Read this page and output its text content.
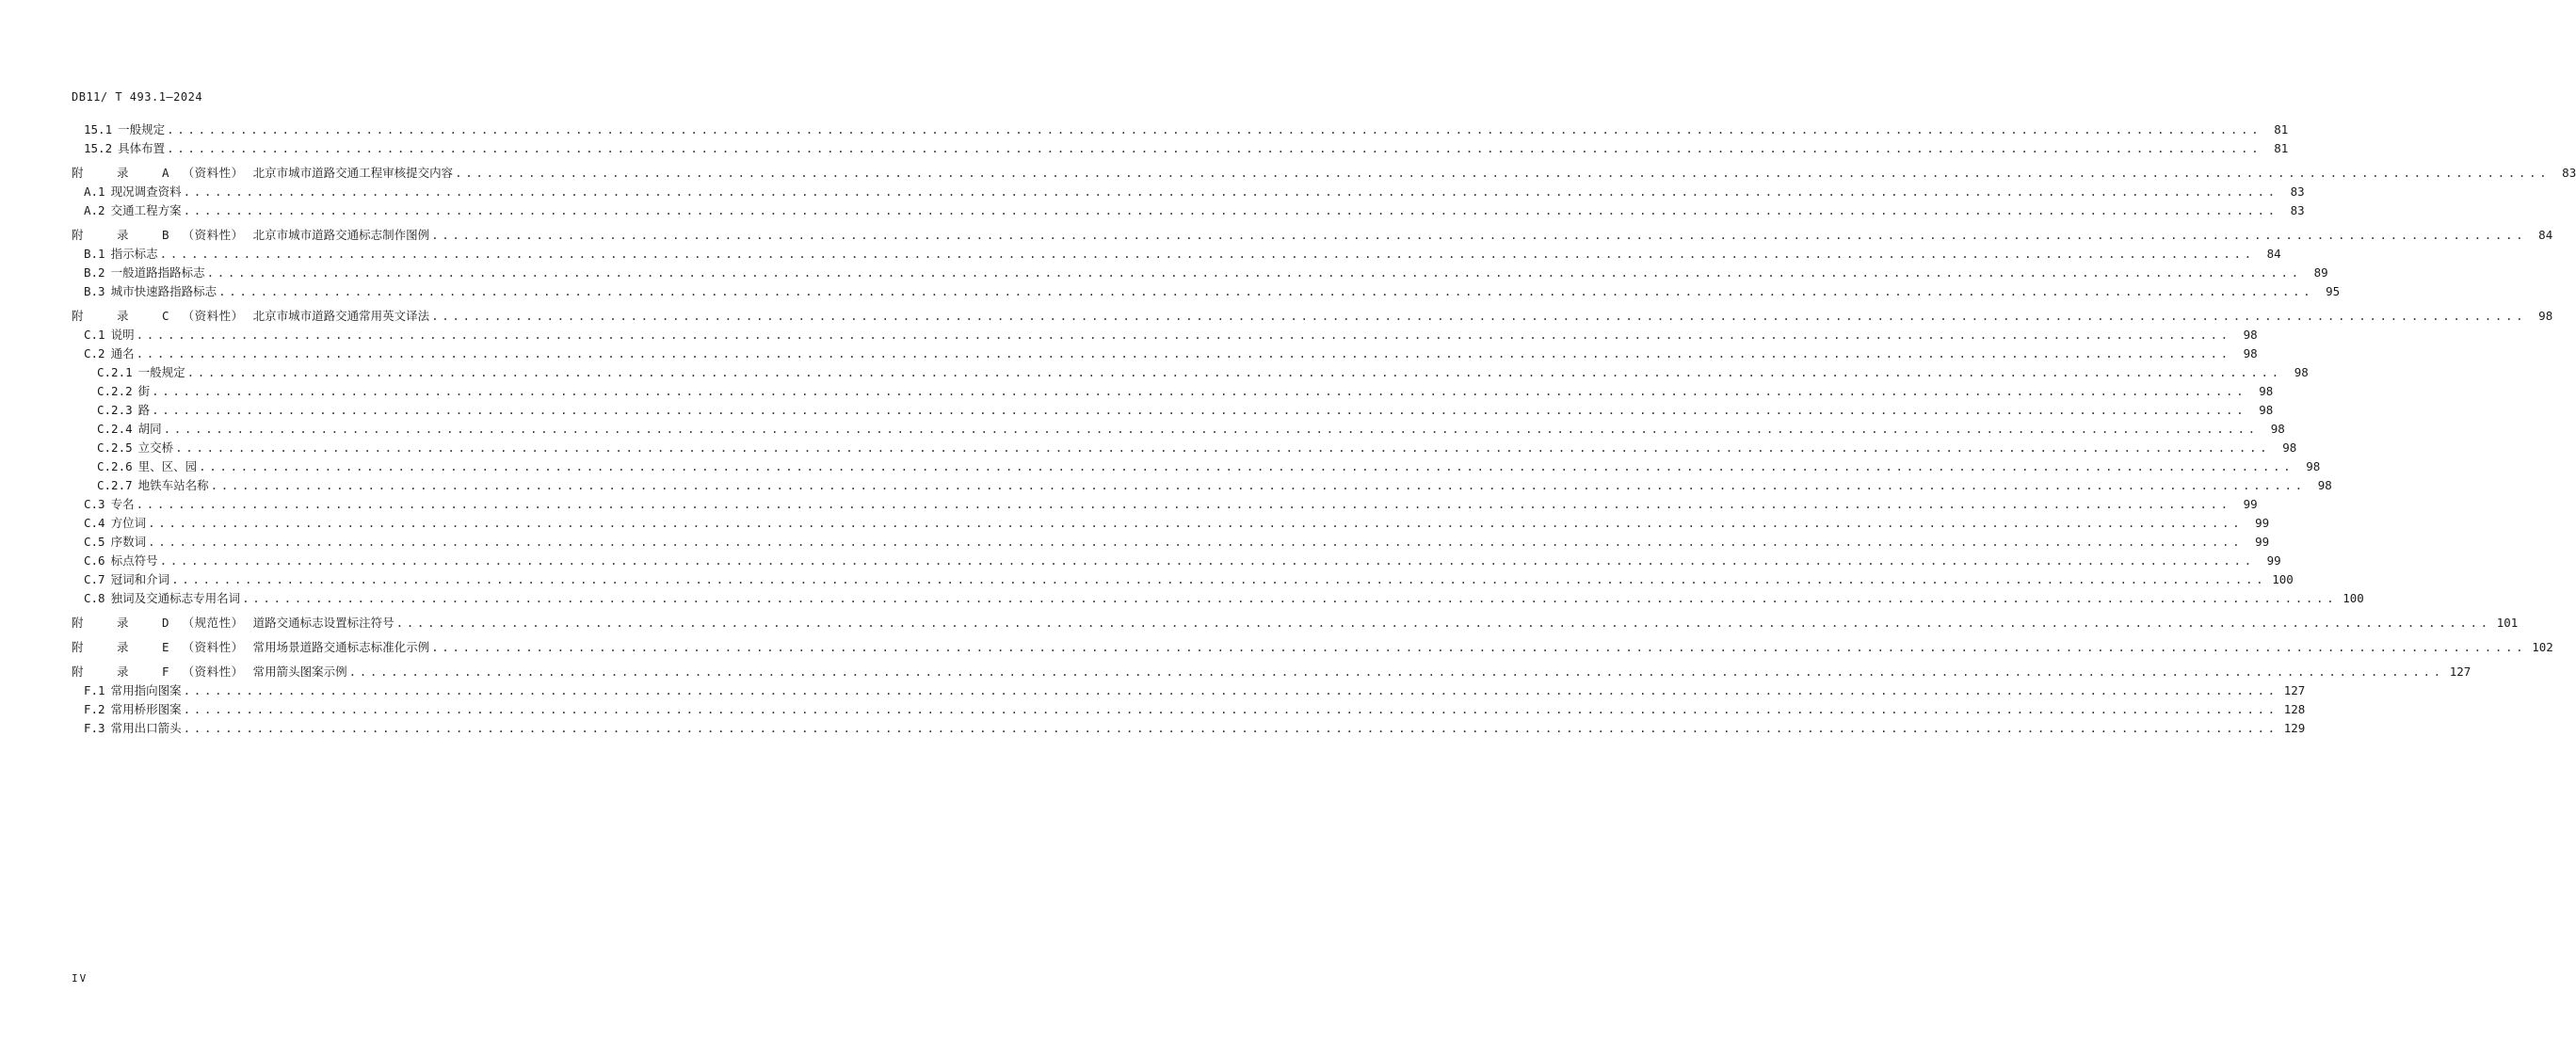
DB11/ T 493.1—2024
15.1 一般规定 ........................................................................................................................................................................................................	81
15.2 具体布置 ........................................................................................................................................................................................................	81
附 录 A （资料性） 北京市城市道路交通工程审核提交内容 ........................................................................................................................................................................................................	83
A.1 现况调查资料 ........................................................................................................................................................................................................	83
A.2 交通工程方案 ........................................................................................................................................................................................................	83
附 录 B （资料性） 北京市城市道路交通标志制作图例 ........................................................................................................................................................................................................	84
B.1 指示标志 ........................................................................................................................................................................................................	84
B.2 一般道路指路标志 ........................................................................................................................................................................................................	89
B.3 城市快速路指路标志 ........................................................................................................................................................................................................	95
附 录 C （资料性） 北京市城市道路交通常用英文译法 ........................................................................................................................................................................................................	98
C.1 说明 ........................................................................................................................................................................................................	98
C.2 通名 ........................................................................................................................................................................................................	98
C.2.1 一般规定 ........................................................................................................................................................................................................	98
C.2.2 街 ........................................................................................................................................................................................................	98
C.2.3 路 ........................................................................................................................................................................................................	98
C.2.4 胡同 ........................................................................................................................................................................................................	98
C.2.5 立交桥 ........................................................................................................................................................................................................	98
C.2.6 里、区、园 ........................................................................................................................................................................................................	98
C.2.7 地铁车站名称 ........................................................................................................................................................................................................	98
C.3 专名 ........................................................................................................................................................................................................	99
C.4 方位词 ........................................................................................................................................................................................................	99
C.5 序数词 ........................................................................................................................................................................................................	99
C.6 标点符号 ........................................................................................................................................................................................................	99
C.7 冠词和介词 ........................................................................................................................................................................................................ 100
C.8 独词及交通标志专用名词 ........................................................................................................................................................................................................ 100
附 录 D （规范性） 道路交通标志设置标注符号 ........................................................................................................................................................................................................ 101
附 录 E （资料性） 常用场景道路交通标志标准化示例 ........................................................................................................................................................................................................ 102
附 录 F （资料性） 常用箭头图案示例 ........................................................................................................................................................................................................ 127
F.1 常用指向图案 ........................................................................................................................................................................................................ 127
F.2 常用桥形图案 ........................................................................................................................................................................................................ 128
F.3 常用出口箭头 ........................................................................................................................................................................................................ 129
IV
